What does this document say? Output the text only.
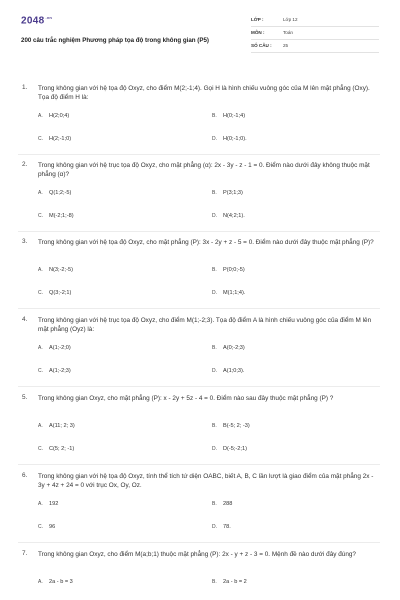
$2048^{.vn}$
200 câu trắc nghiệm Phương pháp tọa độ trong không gian (P5)
LỚP :	Lớp 12
MÔN :	Toán
SỐ CÂU : 25
1. Trong không gian với hệ tọa độ Oxyz, cho điểm M(2;-1;4). Gọi H là hình chiếu vuông góc của M lên mặt phẳng (Oxy). Tọa độ điểm H là:
A. H(2;0;4)	B. H(0;-1;4)
C. H(2;-1;0)	D. H(0;-1;0).
2. Trong không gian với hệ trục tọa độ Oxyz, cho mặt phẳng (α): 2x - 3y - z - 1 = 0. Điểm nào dưới đây không thuộc mặt phẳng (α)?
A. Q(1;2;-5)	B. P(3;1;3)
C. M(-2;1;-8)	D. N(4;2;1).
3. Trong không gian với hệ tọa độ Oxyz, cho mặt phẳng (P): 3x - 2y + z - 5 = 0. Điểm nào dưới đây thuộc mặt phẳng (P)?
A. N(3;-2;-5)	B. P(0;0;-5)
C. Q(3;-2;1)	D. M(1;1;4).
4. Trong không gian với hệ trục tọa độ Oxyz, cho điểm M(1;-2;3). Tọa độ điểm A là hình chiếu vuông góc của điểm M lên mặt phẳng (Oyz) là:
A. A(1;-2;0)	B. A(0;-2;3)
C. A(1;-2;3)	D. A(1;0;3).
5. Trong không gian Oxyz, cho mặt phẳng (P): x - 2y + 5z - 4 = 0. Điểm nào sau đây thuộc mặt phẳng (P) ?
A. A(11; 2; 3)	B. B(-5; 2; -3)
C. C(5; 2; -1)	D. D(-5;-2;1)
6. Trong không gian với hệ tọa độ Oxyz, tính thể tích tứ diện OABC, biết A, B, C lần lượt là giao điểm của mặt phẳng 2x - 3y + 4z + 24 = 0 với trục Ox, Oy, Oz.
A. 192	B. 288
C. 96	D. 78.
7. Trong không gian Oxyz, cho điểm M(a;b;1) thuộc mặt phẳng (P): 2x - y + z - 3 = 0. Mệnh đề nào dưới đây đúng?
A. 2a - b = 3	B. 2a - b = 2
